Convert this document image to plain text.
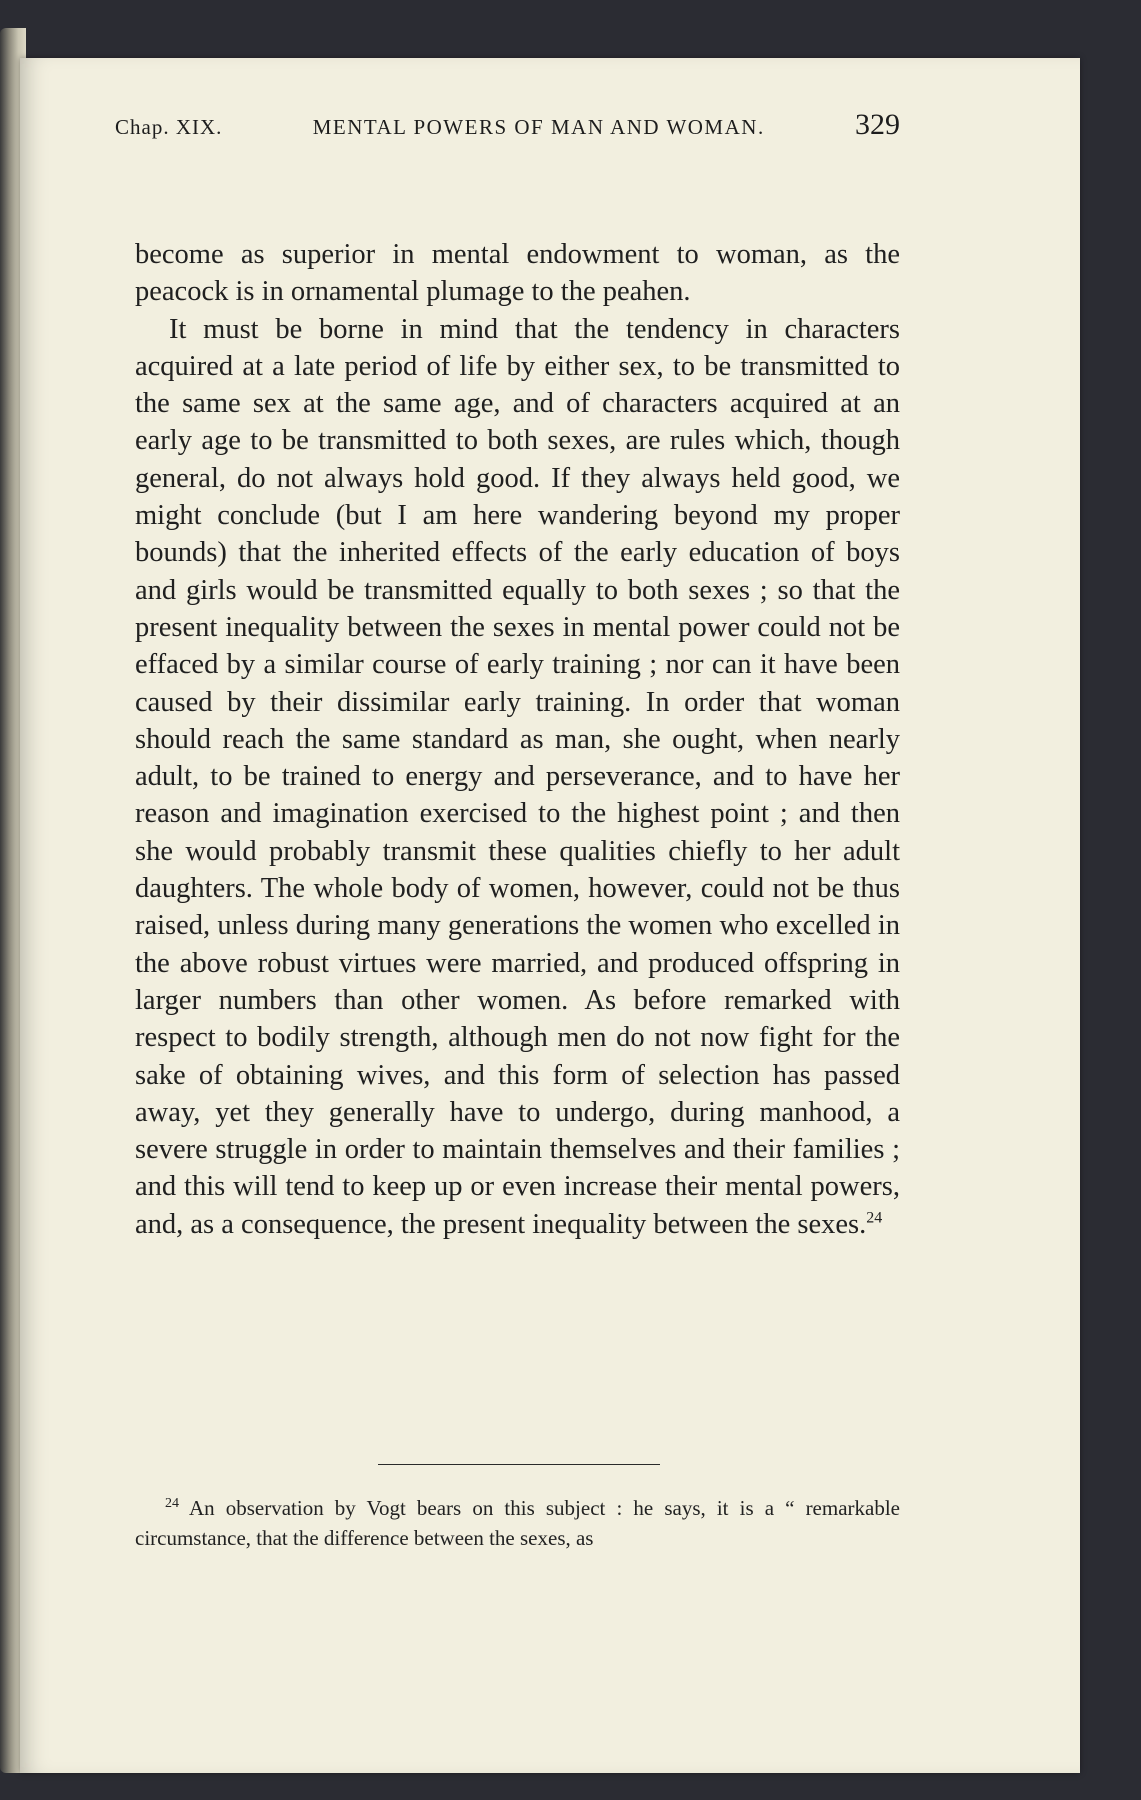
Chap. XIX.	MENTAL POWERS OF MAN AND WOMAN.	329

become as superior in mental endowment to woman, as the peacock is in ornamental plumage to the peahen.

It must be borne in mind that the tendency in characters acquired at a late period of life by either sex, to be transmitted to the same sex at the same age, and of characters acquired at an early age to be transmitted to both sexes, are rules which, though general, do not always hold good. If they always held good, we might conclude (but I am here wandering beyond my proper bounds) that the inherited effects of the early education of boys and girls would be transmitted equally to both sexes ; so that the present inequality between the sexes in mental power could not be effaced by a similar course of early training ; nor can it have been caused by their dissimilar early training. In order that woman should reach the same standard as man, she ought, when nearly adult, to be trained to energy and perseverance, and to have her reason and imagination exercised to the highest point ; and then she would probably transmit these qualities chiefly to her adult daughters. The whole body of women, however, could not be thus raised, unless during many generations the women who excelled in the above robust virtues were married, and produced offspring in larger numbers than other women. As before remarked with respect to bodily strength, although men do not now fight for the sake of obtaining wives, and this form of selection has passed away, yet they generally have to undergo, during manhood, a severe struggle in order to maintain themselves and their families ; and this will tend to keep up or even increase their mental powers, and, as a consequence, the present inequality between the sexes.$^{24}$

$^{24}$ An observation by Vogt bears on this subject : he says, it is a “ remarkable circumstance, that the difference between the sexes, as
